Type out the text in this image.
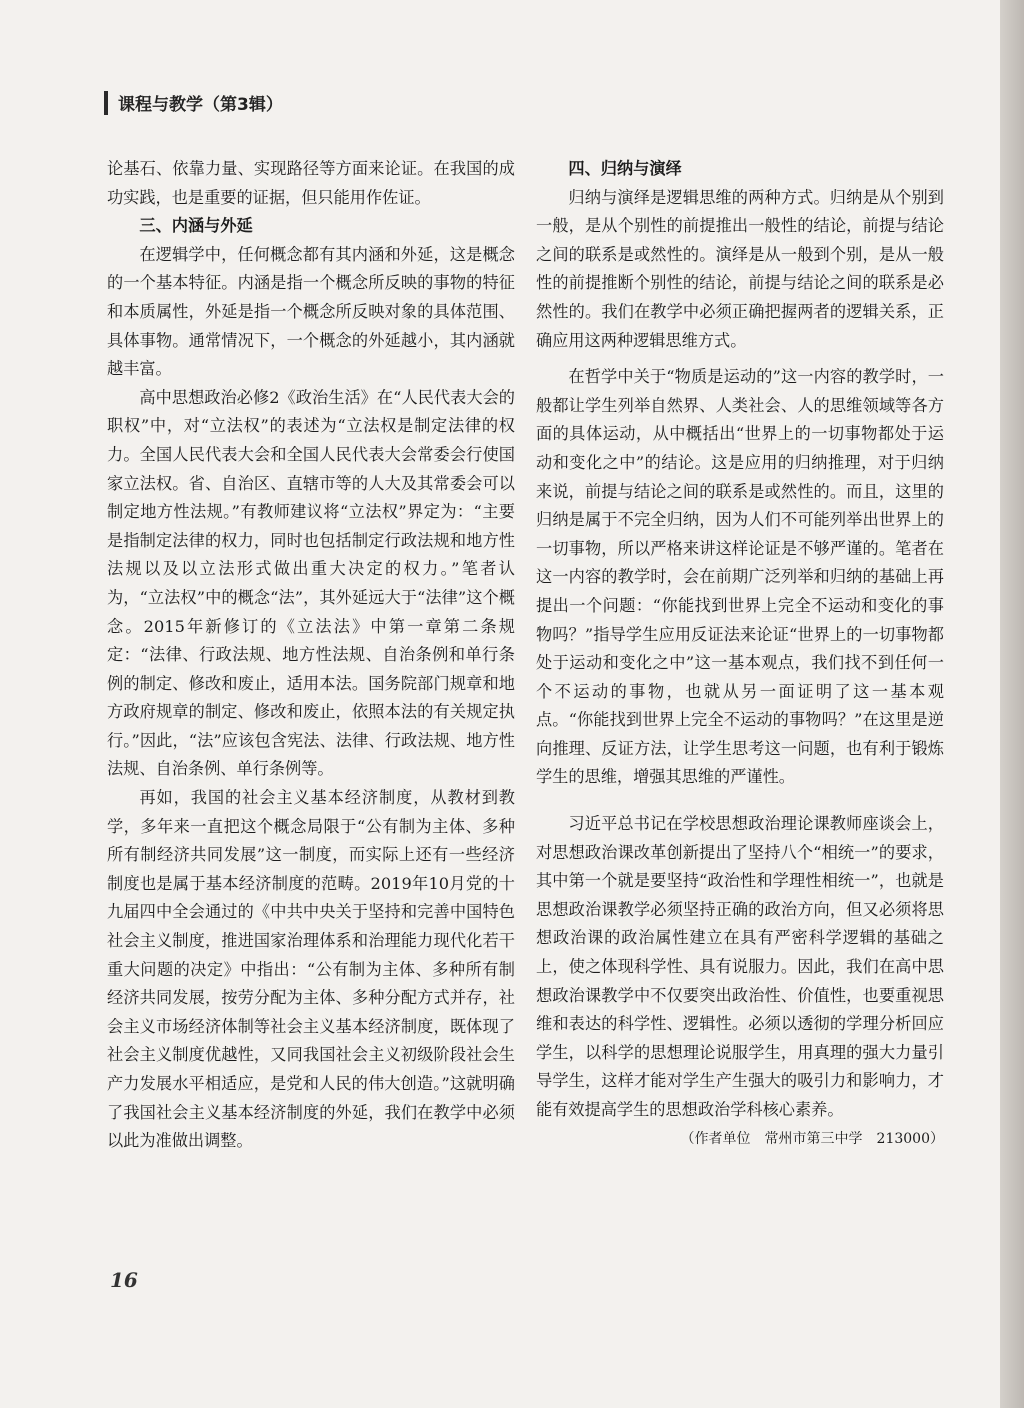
课程与教学（第3辑）

论基石、依靠力量、实现路径等方面来论证。在我国的成功实践，也是重要的证据，但只能用作佐证。

三、内涵与外延

在逻辑学中，任何概念都有其内涵和外延，这是概念的一个基本特征。内涵是指一个概念所反映的事物的特征和本质属性，外延是指一个概念所反映对象的具体范围、具体事物。通常情况下，一个概念的外延越小，其内涵就越丰富。

高中思想政治必修2《政治生活》在“人民代表大会的职权”中，对“立法权”的表述为“立法权是制定法律的权力。全国人民代表大会和全国人民代表大会常委会行使国家立法权。省、自治区、直辖市等的人大及其常委会可以制定地方性法规。”有教师建议将“立法权”界定为：“主要是指制定法律的权力，同时也包括制定行政法规和地方性法规以及以立法形式做出重大决定的权力。”笔者认为，“立法权”中的概念“法”，其外延远大于“法律”这个概念。2015年新修订的《立法法》中第一章第二条规定：“法律、行政法规、地方性法规、自治条例和单行条例的制定、修改和废止，适用本法。国务院部门规章和地方政府规章的制定、修改和废止，依照本法的有关规定执行。”因此，“法”应该包含宪法、法律、行政法规、地方性法规、自治条例、单行条例等。

再如，我国的社会主义基本经济制度，从教材到教学，多年来一直把这个概念局限于“公有制为主体、多种所有制经济共同发展”这一制度，而实际上还有一些经济制度也是属于基本经济制度的范畴。2019年10月党的十九届四中全会通过的《中共中央关于坚持和完善中国特色社会主义制度，推进国家治理体系和治理能力现代化若干重大问题的决定》中指出：“公有制为主体、多种所有制经济共同发展，按劳分配为主体、多种分配方式并存，社会主义市场经济体制等社会主义基本经济制度，既体现了社会主义制度优越性，又同我国社会主义初级阶段社会生产力发展水平相适应，是党和人民的伟大创造。”这就明确了我国社会主义基本经济制度的外延，我们在教学中必须以此为准做出调整。

四、归纳与演绎

归纳与演绎是逻辑思维的两种方式。归纳是从个别到一般，是从个别性的前提推出一般性的结论，前提与结论之间的联系是或然性的。演绎是从一般到个别，是从一般性的前提推断个别性的结论，前提与结论之间的联系是必然性的。我们在教学中必须正确把握两者的逻辑关系，正确应用这两种逻辑思维方式。

在哲学中关于“物质是运动的”这一内容的教学时，一般都让学生列举自然界、人类社会、人的思维领域等各方面的具体运动，从中概括出“世界上的一切事物都处于运动和变化之中”的结论。这是应用的归纳推理，对于归纳来说，前提与结论之间的联系是或然性的。而且，这里的归纳是属于不完全归纳，因为人们不可能列举出世界上的一切事物，所以严格来讲这样论证是不够严谨的。笔者在这一内容的教学时，会在前期广泛列举和归纳的基础上再提出一个问题：“你能找到世界上完全不运动和变化的事物吗？”指导学生应用反证法来论证“世界上的一切事物都处于运动和变化之中”这一基本观点，我们找不到任何一个不运动的事物，也就从另一面证明了这一基本观点。“你能找到世界上完全不运动的事物吗？”在这里是逆向推理、反证方法，让学生思考这一问题，也有利于锻炼学生的思维，增强其思维的严谨性。

习近平总书记在学校思想政治理论课教师座谈会上，对思想政治课改革创新提出了坚持八个“相统一”的要求，其中第一个就是要坚持“政治性和学理性相统一”，也就是思想政治课教学必须坚持正确的政治方向，但又必须将思想政治课的政治属性建立在具有严密科学逻辑的基础之上，使之体现科学性、具有说服力。因此，我们在高中思想政治课教学中不仅要突出政治性、价值性，也要重视思维和表达的科学性、逻辑性。必须以透彻的学理分析回应学生，以科学的思想理论说服学生，用真理的强大力量引导学生，这样才能对学生产生强大的吸引力和影响力，才能有效提高学生的思想政治学科核心素养。

（作者单位　常州市第三中学　213000）

16
